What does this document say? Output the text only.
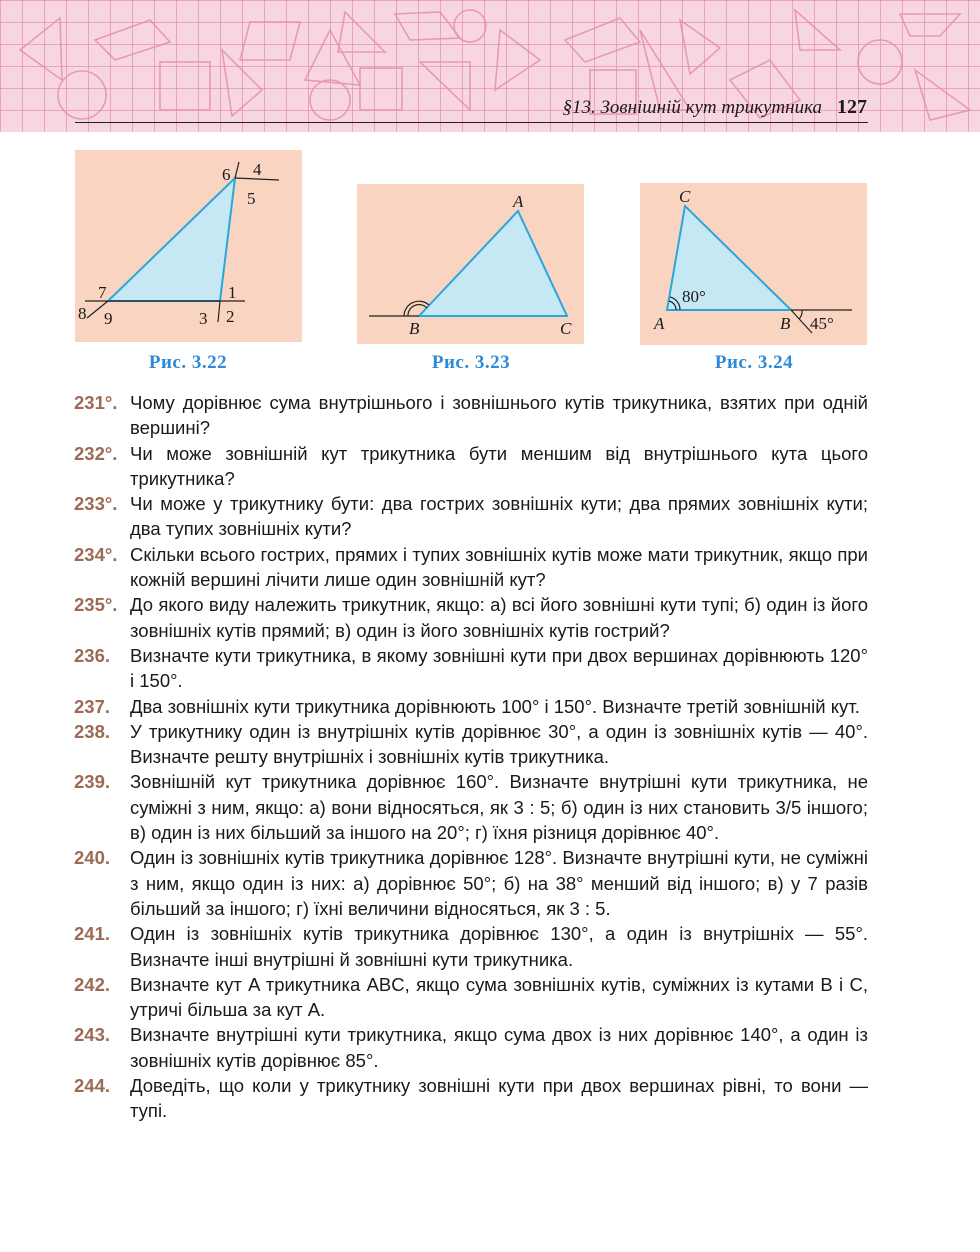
§13. Зовнішній кут трикутника 127
6 4
5
7
8 9
1
3 2
Рис. 3.22
A
B	C
Рис. 3.23
C
80°
A	B 45°
Рис. 3.24
231°. Чому дорівнює сума внутрішнього і зовнішнього кутів трикутника, взятих при одній вершині?
232°. Чи може зовнішній кут трикутника бути меншим від внутрішнього кута цього трикутника?
233°. Чи може у трикутнику бути: два гострих зовнішніх кути; два прямих зовнішніх кути; два тупих зовнішніх кути?
234°. Скільки всього гострих, прямих і тупих зовнішніх кутів може мати трикутник, якщо при кожній вершині лічити лише один зовнішній кут?
235°. До якого виду належить трикутник, якщо: а) всі його зовнішні кути тупі; б) один із його зовнішніх кутів прямий; в) один із його зовнішніх кутів гострий?
236.	Визначте кути трикутника, в якому зовнішні кути при двох вершинах дорівнюють 120° і 150°.
237.	Два зовнішніх кути трикутника дорівнюють 100° і 150°. Визначте третій зовнішній кут.
238.	У трикутнику один із внутрішніх кутів дорівнює 30°, а один із зовнішніх кутів — 40°. Визначте решту внутрішніх і зовнішніх кутів трикутника.
239.	Зовнішній кут трикутника дорівнює 160°. Визначте внутрішні кути трикутника, не суміжні з ним, якщо: а) вони відносяться, як 3 : 5; б) один із них становить 3/5 іншого; в) один із них більший за іншого на 20°; г) їхня різниця дорівнює 40°.
240.	Один із зовнішніх кутів трикутника дорівнює 128°. Визначте внутрішні кути, не суміжні з ним, якщо один із них: а) дорівнює 50°; б) на 38° менший від іншого; в) у 7 разів більший за іншого; г) їхні величини відносяться, як 3 : 5.
241.	Один із зовнішніх кутів трикутника дорівнює 130°, а один із внутрішніх — 55°. Визначте інші внутрішні й зовнішні кути трикутника.
242.	Визначте кут A трикутника ABC, якщо сума зовнішніх кутів, суміжних із кутами B і C, утричі більша за кут A.
243.	Визначте внутрішні кути трикутника, якщо сума двох із них дорівнює 140°, а один із зовнішніх кутів дорівнює 85°.
244.	Доведіть, що коли у трикутнику зовнішні кути при двох вершинах рівні, то вони — тупі.
